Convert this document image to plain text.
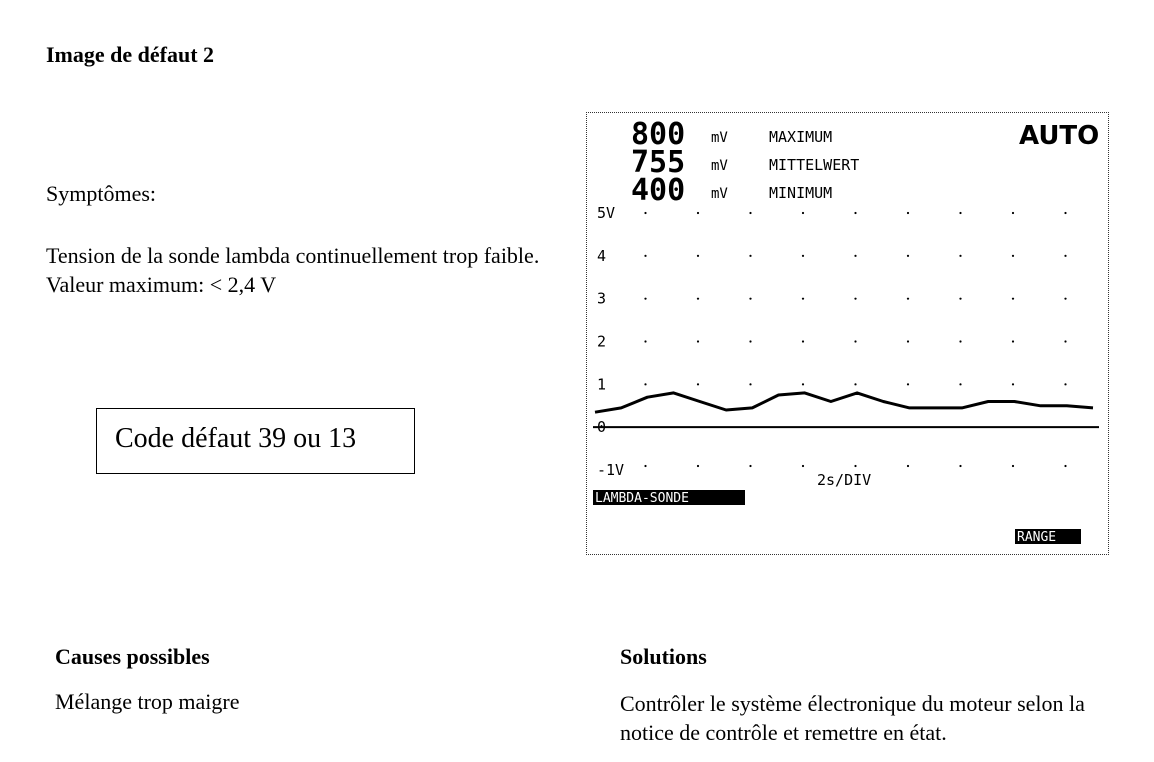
Image de défaut 2
Symptômes:
Tension de la sonde lambda continuellement trop faible. Valeur maximum: < 2,4 V
Code défaut 39 ou 13
800 mV	MAXIMUM
755 mV	MITTELWERT
400 mV	MINIMUM
AUTO
5V
4
3
2
1
0
-1V
2s/DIV
LAMBDA-SONDE
RANGE
Causes possibles
Mélange trop maigre
Solutions
Contrôler le système électronique du moteur selon la notice de contrôle et remettre en état.
